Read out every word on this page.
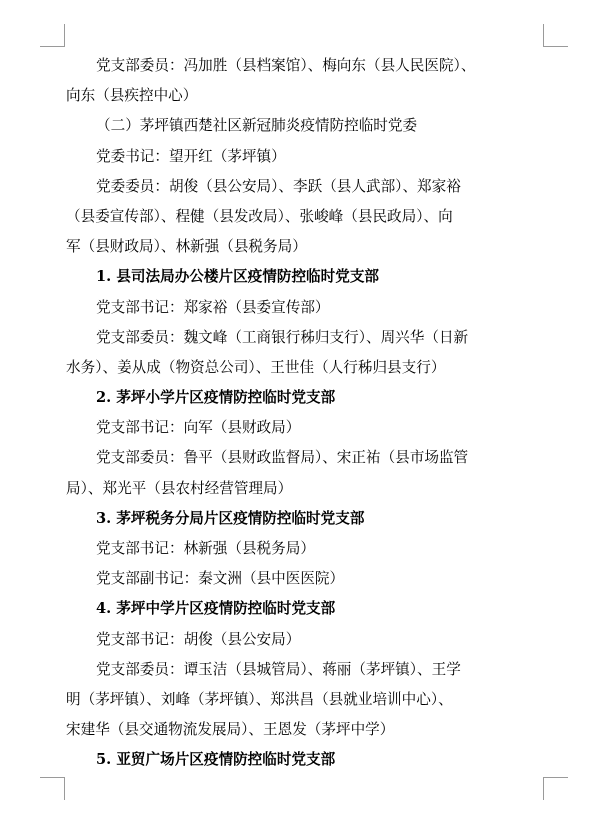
党支部委员：冯加胜（县档案馆）、梅向东（县人民医院）、
向东（县疾控中心）
（二）茅坪镇西楚社区新冠肺炎疫情防控临时党委
党委书记：望开红（茅坪镇）
党委委员：胡俊（县公安局）、李跃（县人武部）、郑家裕
（县委宣传部）、程健（县发改局）、张峻峰（县民政局）、向
军（县财政局）、林新强（县税务局）
1. 县司法局办公楼片区疫情防控临时党支部
党支部书记：郑家裕（县委宣传部）
党支部委员：魏文峰（工商银行秭归支行）、周兴华（日新
水务）、姜从成（物资总公司）、王世佳（人行秭归县支行）
2. 茅坪小学片区疫情防控临时党支部
党支部书记：向军（县财政局）
党支部委员：鲁平（县财政监督局）、宋正祐（县市场监管
局）、郑光平（县农村经营管理局）
3. 茅坪税务分局片区疫情防控临时党支部
党支部书记：林新强（县税务局）
党支部副书记：秦文洲（县中医医院）
4. 茅坪中学片区疫情防控临时党支部
党支部书记：胡俊（县公安局）
党支部委员：谭玉洁（县城管局）、蒋丽（茅坪镇）、王学
明（茅坪镇）、刘峰（茅坪镇）、郑洪昌（县就业培训中心）、
宋建华（县交通物流发展局）、王恩发（茅坪中学）
5. 亚贸广场片区疫情防控临时党支部
